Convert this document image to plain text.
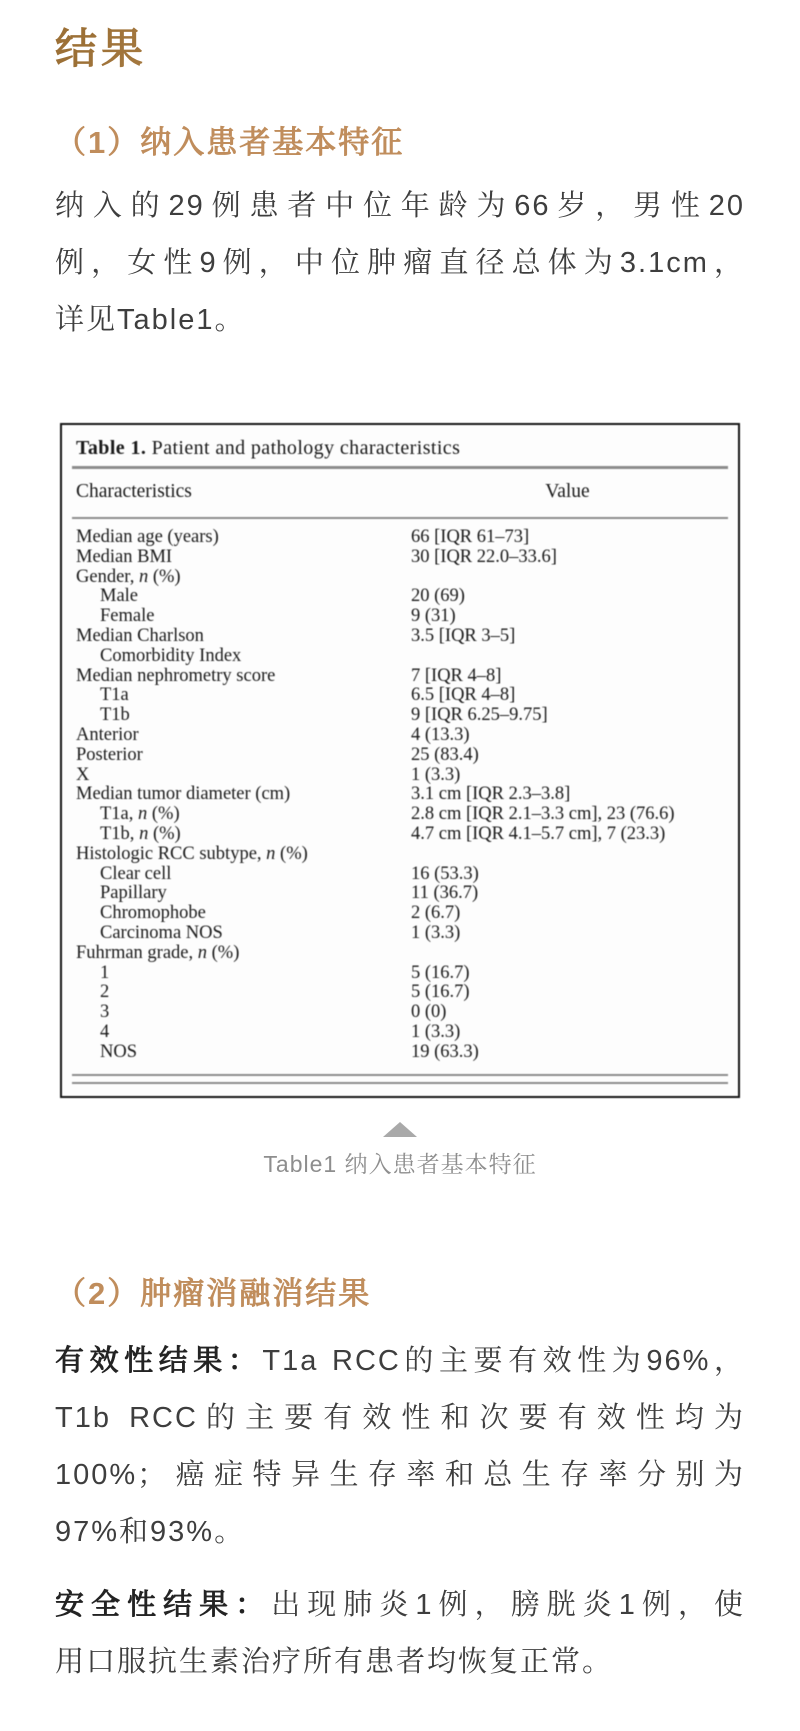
结果
（1）纳入患者基本特征
纳入的29例患者中位年龄为66岁，男性20
例，女性9例，中位肿瘤直径总体为3.1cm，
详见Table1。
Table 1. Patient and pathology characteristics
Characteristics	Value
Median age (years)	66 [IQR 61–73]
Median BMI	30 [IQR 22.0–33.6]
Gender, n (%)
Male	20 (69)
Female	9 (31)
Median Charlson	3.5 [IQR 3–5]
Comorbidity Index
Median nephrometry score	7 [IQR 4–8]
T1a	6.5 [IQR 4–8]
T1b	9 [IQR 6.25–9.75]
Anterior	4 (13.3)
Posterior	25 (83.4)
X	1 (3.3)
Median tumor diameter (cm)	3.1 cm [IQR 2.3–3.8]
T1a, n (%)	2.8 cm [IQR 2.1–3.3 cm], 23 (76.6)
T1b, n (%)	4.7 cm [IQR 4.1–5.7 cm], 7 (23.3)
Histologic RCC subtype, n (%)
Clear cell	16 (53.3)
Papillary	11 (36.7)
Chromophobe	2 (6.7)
Carcinoma NOS	1 (3.3)
Fuhrman grade, n (%)
1	5 (16.7)
2	5 (16.7)
3	0 (0)
4	1 (3.3)
NOS	19 (63.3)
Table1 纳入患者基本特征
（2）肿瘤消融消结果
有效性结果：T1a RCC的主要有效性为96%，
T1b RCC的主要有效性和次要有效性均为
100%；癌症特异生存率和总生存率分别为
97%和93%。
安全性结果：出现肺炎1例，膀胱炎1例，使
用口服抗生素治疗所有患者均恢复正常。
